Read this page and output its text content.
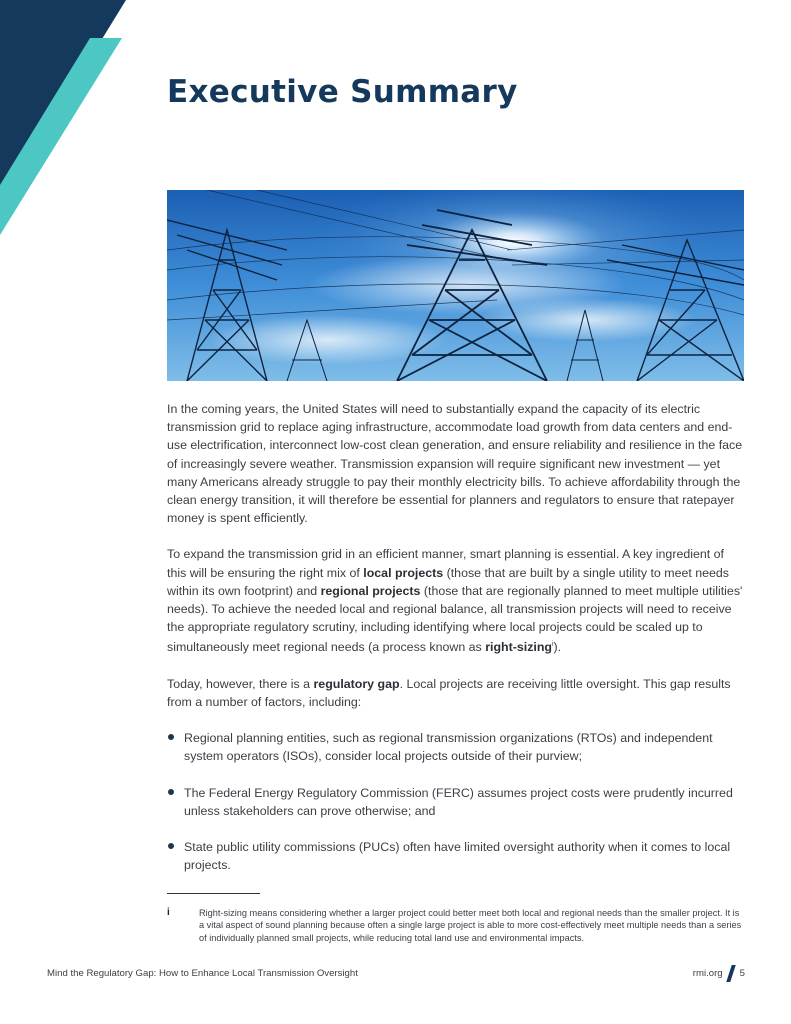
Executive Summary

In the coming years, the United States will need to substantially expand the capacity of its electric transmission grid to replace aging infrastructure, accommodate load growth from data centers and end-use electrification, interconnect low-cost clean generation, and ensure reliability and resilience in the face of increasingly severe weather. Transmission expansion will require significant new investment — yet many Americans already struggle to pay their monthly electricity bills. To achieve affordability through the clean energy transition, it will therefore be essential for planners and regulators to ensure that ratepayer money is spent efficiently.

To expand the transmission grid in an efficient manner, smart planning is essential. A key ingredient of this will be ensuring the right mix of local projects (those that are built by a single utility to meet needs within its own footprint) and regional projects (those that are regionally planned to meet multiple utilities' needs). To achieve the needed local and regional balance, all transmission projects will need to receive the appropriate regulatory scrutiny, including identifying where local projects could be scaled up to simultaneously meet regional needs (a process known as right-sizing$^i$).

Today, however, there is a regulatory gap. Local projects are receiving little oversight. This gap results from a number of factors, including:

Regional planning entities, such as regional transmission organizations (RTOs) and independent system operators (ISOs), consider local projects outside of their purview;
The Federal Energy Regulatory Commission (FERC) assumes project costs were prudently incurred unless stakeholders can prove otherwise; and
State public utility commissions (PUCs) often have limited oversight authority when it comes to local projects.
i	Right-sizing means considering whether a larger project could better meet both local and regional needs than the smaller project. It is a vital aspect of sound planning because often a single large project is able to more cost-effectively meet multiple needs than a series of individually planned small projects, while reducing total land use and environmental impacts.
Mind the Regulatory Gap: How to Enhance Local Transmission Oversight	rmi.org 5
